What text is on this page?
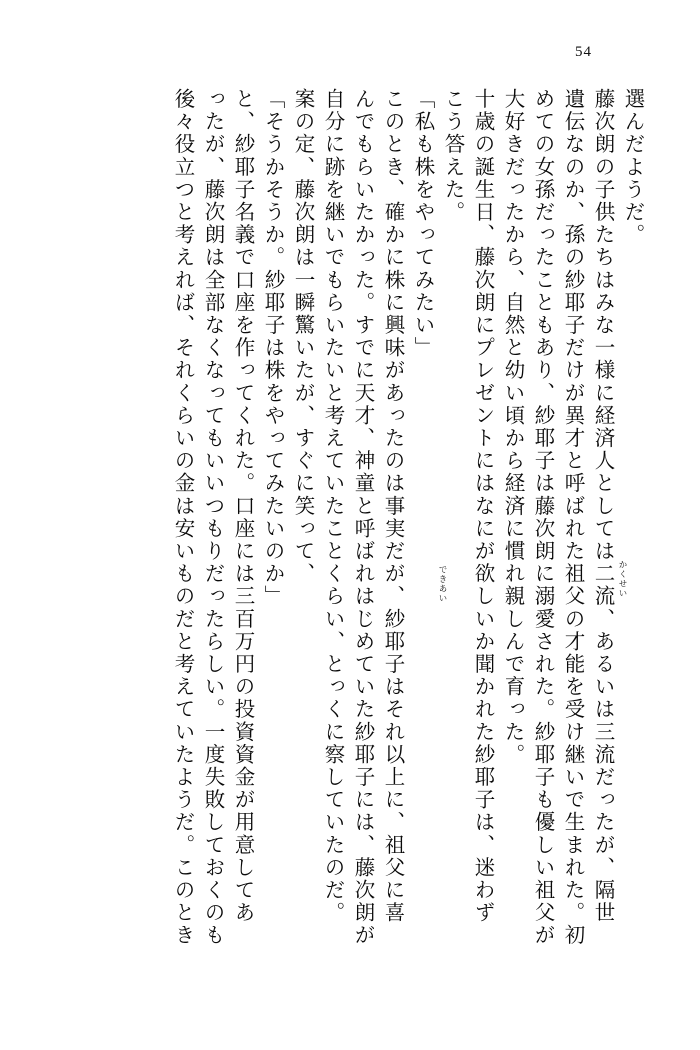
54
選んだようだ。
藤次朗の子供たちはみな一様に経済人としては二流、あるいは三流だったが、隔世
遺伝なのか、孫の紗耶子だけが異才と呼ばれた祖父の才能を受け継いで生まれた。初
めての女孫だったこともあり、紗耶子は藤次朗に溺愛された。紗耶子も優しい祖父が
大好きだったから、自然と幼い頃から経済に慣れ親しんで育った。
十歳の誕生日、藤次朗にプレゼントにはなにが欲しいか聞かれた紗耶子は、迷わず
こう答えた。
「私も株をやってみたい」
このとき、確かに株に興味があったのは事実だが、紗耶子はそれ以上に、祖父に喜
んでもらいたかった。すでに天才、神童と呼ばれはじめていた紗耶子には、藤次朗が
自分に跡を継いでもらいたいと考えていたことくらい、とっくに察していたのだ。
案の定、藤次朗は一瞬驚いたが、すぐに笑って、
「そうかそうか。紗耶子は株をやってみたいのか」
と、紗耶子名義で口座を作ってくれた。口座には三百万円の投資資金が用意してあ
ったが、藤次朗は全部なくなってもいいつもりだったらしい。一度失敗しておくのも
後々役立つと考えれば、それくらいの金は安いものだと考えていたようだ。このとき	かくせい
できあい
